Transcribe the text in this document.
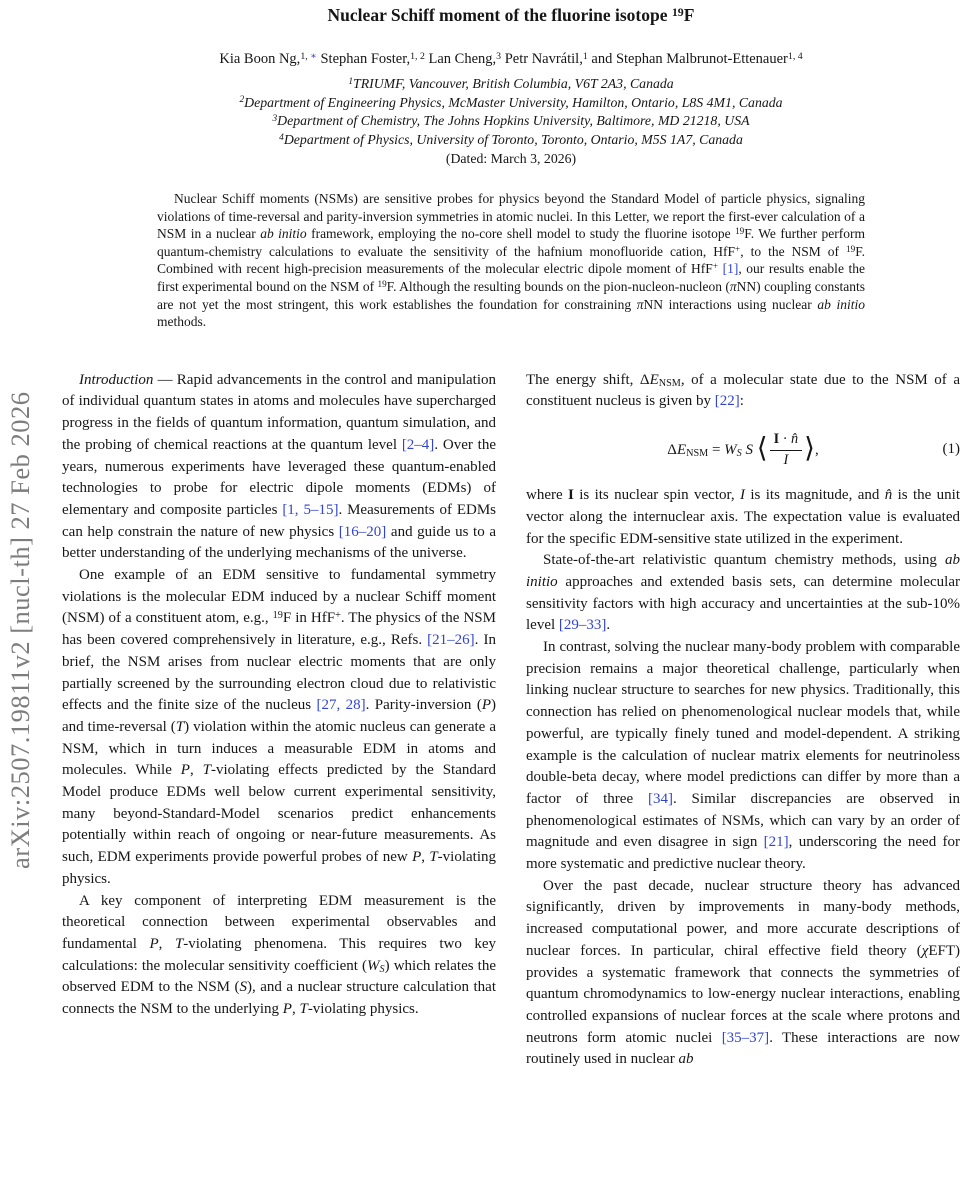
arXiv:2507.19811v2 [nucl-th] 27 Feb 2026
Nuclear Schiff moment of the fluorine isotope $^{19}$F
Kia Boon Ng,$^{1, ∗}$ Stephan Foster,$^{1, 2}$ Lan Cheng,$^3$ Petr Navrátil,$^1$ and Stephan Malbrunot-Ettenauer$^{1, 4}$
$^1$TRIUMF, Vancouver, British Columbia, V6T 2A3, Canada
$^2$Department of Engineering Physics, McMaster University, Hamilton, Ontario, L8S 4M1, Canada
$^3$Department of Chemistry, The Johns Hopkins University, Baltimore, MD 21218, USA
$^4$Department of Physics, University of Toronto, Toronto, Ontario, M5S 1A7, Canada
(Dated: March 3, 2026)

Nuclear Schiff moments (NSMs) are sensitive probes for physics beyond the Standard Model of particle physics, signaling violations of time-reversal and parity-inversion symmetries in atomic nuclei. In this Letter, we report the first-ever calculation of a NSM in a nuclear ab initio framework, employing the no-core shell model to study the fluorine isotope $^{19}$F. We further perform quantum-chemistry calculations to evaluate the sensitivity of the hafnium monofluoride cation, HfF+, to the NSM of $^{19}$F. Combined with recent high-precision measurements of the molecular electric dipole moment of HfF+ [1], our results enable the first experimental bound on the NSM of $^{19}$F. Although the resulting bounds on the pion-nucleon-nucleon (πNN) coupling constants are not yet the most stringent, this work establishes the foundation for constraining πNN interactions using nuclear ab initio methods.

Introduction — Rapid advancements in the control and manipulation of individual quantum states in atoms and molecules have supercharged progress in the fields of quantum information, quantum simulation, and the probing of chemical reactions at the quantum level [2–4]. Over the years, numerous experiments have leveraged these quantum-enabled technologies to probe for electric dipole moments (EDMs) of elementary and composite particles [1, 5–15]. Measurements of EDMs can help constrain the nature of new physics [16–20] and guide us to a better understanding of the underlying mechanisms of the universe.

One example of an EDM sensitive to fundamental symmetry violations is the molecular EDM induced by a nuclear Schiff moment (NSM) of a constituent atom, e.g., $^{19}$F in HfF+. The physics of the NSM has been covered comprehensively in literature, e.g., Refs. [21–26]. In brief, the NSM arises from nuclear electric moments that are only partially screened by the surrounding electron cloud due to relativistic effects and the finite size of the nucleus [27, 28]. Parity-inversion (P) and time-reversal (T) violation within the atomic nucleus can generate a NSM, which in turn induces a measurable EDM in atoms and molecules. While P, T-violating effects predicted by the Standard Model produce EDMs well below current experimental sensitivity, many beyond-Standard-Model scenarios predict enhancements potentially within reach of ongoing or near-future measurements. As such, EDM experiments provide powerful probes of new P, T-violating physics.

A key component of interpreting EDM measurement is the theoretical connection between experimental observables and fundamental P, T-violating phenomena. This requires two key calculations: the molecular sensitivity coefficient $(W_S)$ which relates the observed EDM to the NSM (S), and a nuclear structure calculation that connects the NSM to the underlying P, T-violating physics.

The energy shift, $\Delta E_{NSM}$, of a molecular state due to the NSM of a constituent nucleus is given by [22]:

$\Delta E_{NSM} = W_S$ S ⟨ $\frac{I \cdot n̂}{I}$ ⟩,	(1)

where I is its nuclear spin vector, I is its magnitude, and n̂ is the unit vector along the internuclear axis. The expectation value is evaluated for the specific EDM-sensitive state utilized in the experiment.

State-of-the-art relativistic quantum chemistry methods, using ab initio approaches and extended basis sets, can determine molecular sensitivity factors with high accuracy and uncertainties at the sub-10% level [29–33].

In contrast, solving the nuclear many-body problem with comparable precision remains a major theoretical challenge, particularly when linking nuclear structure to searches for new physics. Traditionally, this connection has relied on phenomenological nuclear models that, while powerful, are typically finely tuned and model-dependent. A striking example is the calculation of nuclear matrix elements for neutrinoless double-beta decay, where model predictions can differ by more than a factor of three [34]. Similar discrepancies are observed in phenomenological estimates of NSMs, which can vary by an order of magnitude and even disagree in sign [21], underscoring the need for more systematic and predictive nuclear theory.

Over the past decade, nuclear structure theory has advanced significantly, driven by improvements in many-body methods, increased computational power, and more accurate descriptions of nuclear forces. In particular, chiral effective field theory (χEFT) provides a systematic framework that connects the symmetries of quantum chromodynamics to low-energy nuclear interactions, enabling controlled expansions of nuclear forces at the scale where protons and neutrons form atomic nuclei [35–37]. These interactions are now routinely used in nuclear ab
